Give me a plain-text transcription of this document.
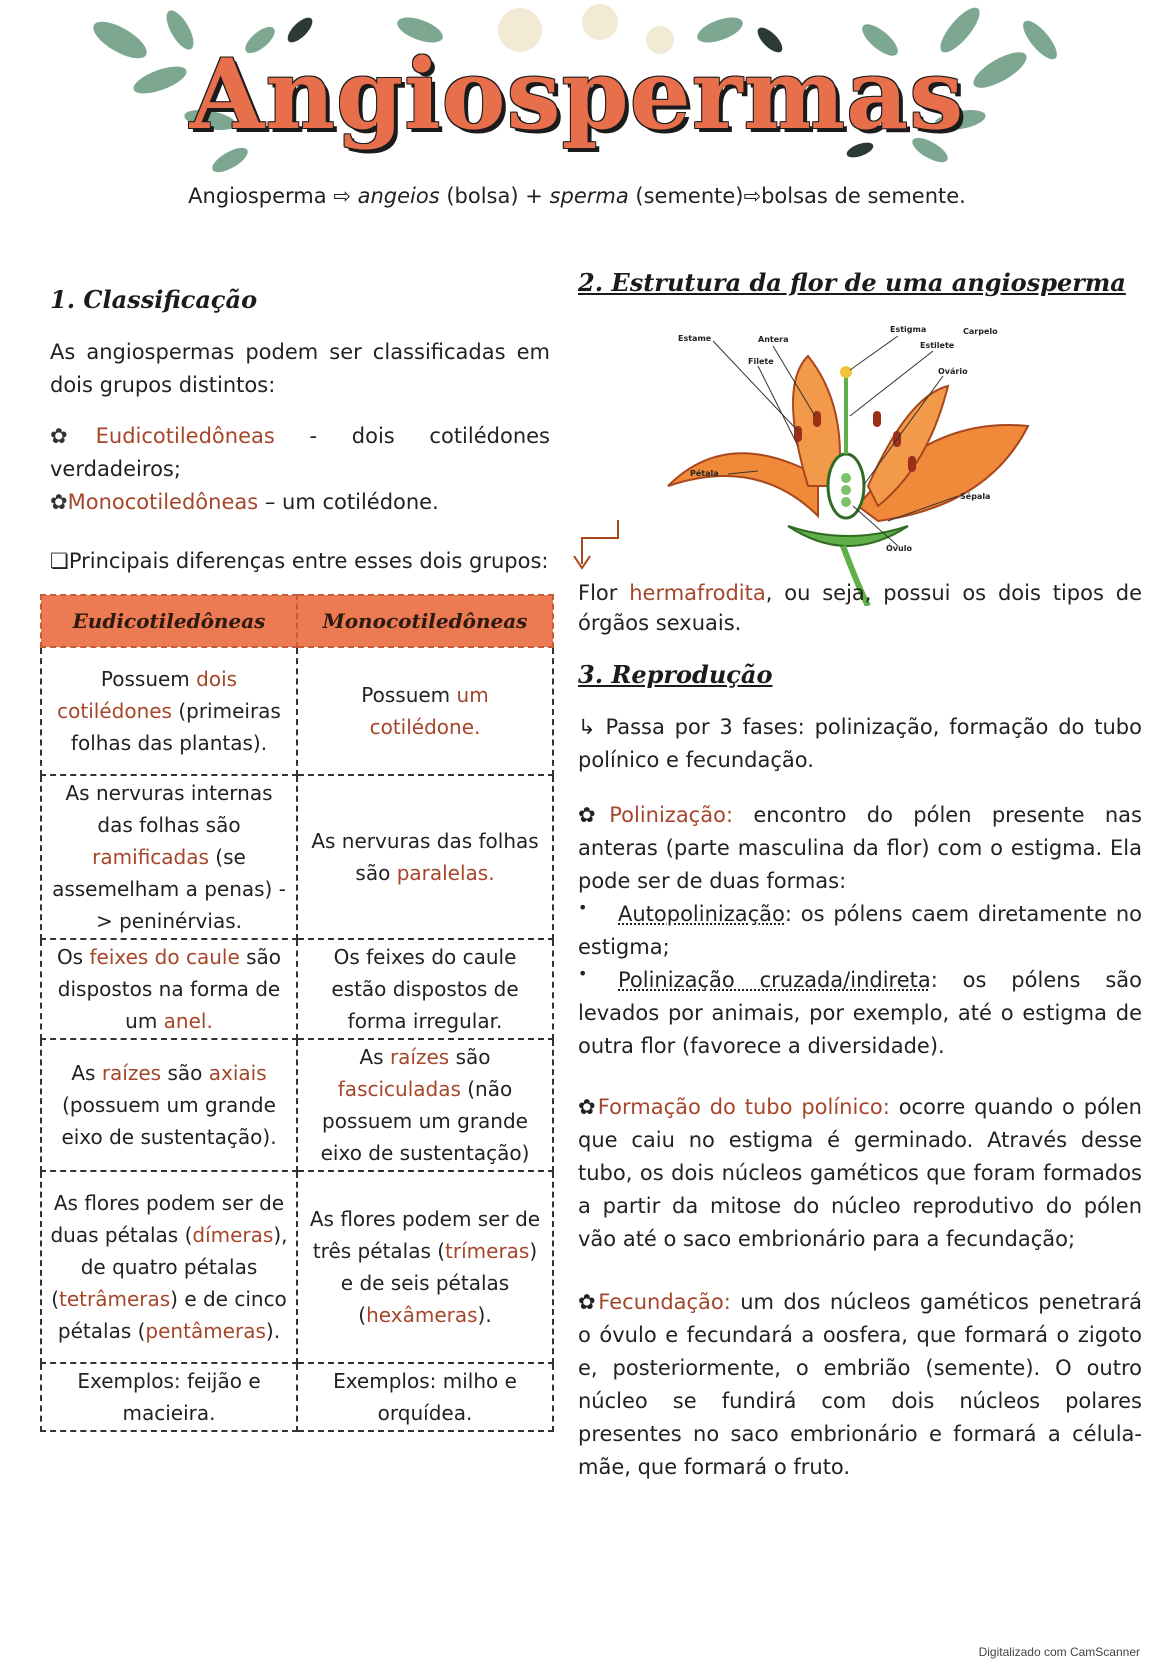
Angiospermas
Angiosperma ⇨ angeios (bolsa) + sperma (semente)⇨bolsas de semente.
1. Classificação

As angiospermas podem ser classificadas em dois grupos distintos:

✿Eudicotiledôneas - dois cotilédones verdadeiros;

✿Monocotiledôneas – um cotilédone.

❏Principais diferenças entre esses dois grupos:

Eudicotiledôneas	Monocotiledôneas
Possuem dois cotilédones (primeiras folhas das plantas).	Possuem um cotilédone.
As nervuras internas das folhas são ramificadas (se assemelham a penas) -> peninérvias.	As nervuras das folhas são paralelas.
Os feixes do caule são dispostos na forma de um anel.	Os feixes do caule estão dispostos de forma irregular.
As raízes são axiais (possuem um grande eixo de sustentação).	As raízes são fasciculadas (não possuem um grande eixo de sustentação)
As flores podem ser de duas pétalas (dímeras), de quatro pétalas (tetrâmeras) e de cinco pétalas (pentâmeras).	As flores podem ser de três pétalas (trímeras) e de seis pétalas (hexâmeras).
Exemplos: feijão e macieira.	Exemplos: milho e orquídea.
2. Estrutura da flor de uma angiosperma
Estame	Antera
Filete
Estigma
Estilete
Carpelo
Ovário
Pétala
Sépala
Óvulo

Flor hermafrodita, ou seja, possui os dois tipos de órgãos sexuais.

3. Reprodução

↳ Passa por 3 fases: polinização, formação do tubo polínico e fecundação.

✿Polinização: encontro do pólen presente nas anteras (parte masculina da flor) com o estigma. Ela pode ser de duas formas:

•	Autopolinização: os pólens caem diretamente no estigma;

•	Polinização cruzada/indireta: os pólens são levados por animais, por exemplo, até o estigma de outra flor (favorece a diversidade).

✿Formação do tubo polínico: ocorre quando o pólen que caiu no estigma é germinado. Através desse tubo, os dois núcleos gaméticos que foram formados a partir da mitose do núcleo reprodutivo do pólen vão até o saco embrionário para a fecundação;

✿Fecundação: um dos núcleos gaméticos penetrará o óvulo e fecundará a oosfera, que formará o zigoto e, posteriormente, o embrião (semente). O outro núcleo se fundirá com dois núcleos polares presentes no saco embrionário e formará a célula-mãe, que formará o fruto.

Digitalizado com CamScanner
